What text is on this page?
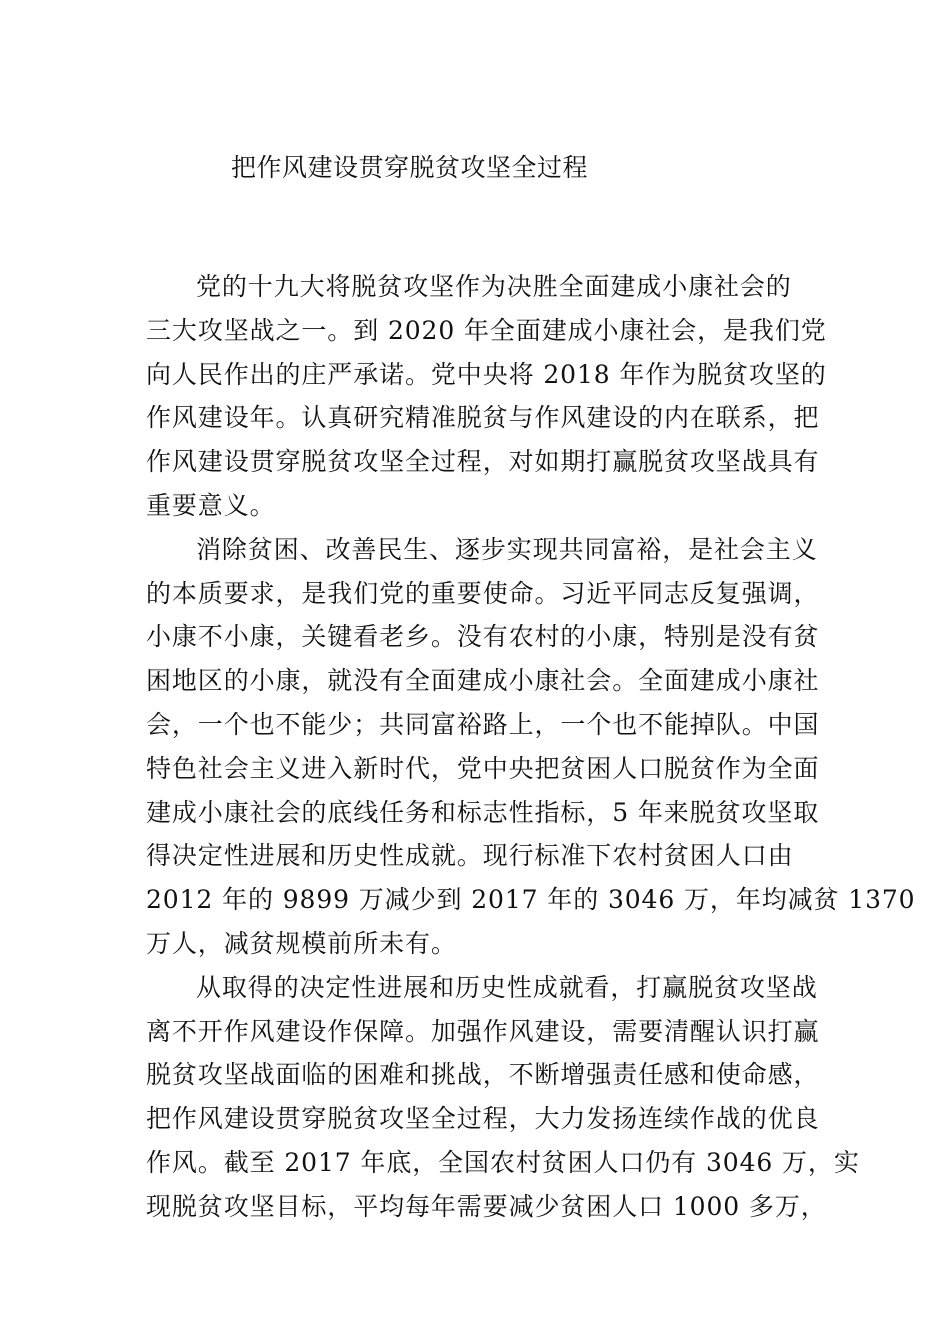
把作风建设贯穿脱贫攻坚全过程
党的十九大将脱贫攻坚作为决胜全面建成小康社会的
三大攻坚战之一。到 2020 年全面建成小康社会，是我们党
向人民作出的庄严承诺。党中央将 2018 年作为脱贫攻坚的
作风建设年。认真研究精准脱贫与作风建设的内在联系，把
作风建设贯穿脱贫攻坚全过程，对如期打赢脱贫攻坚战具有
重要意义。
消除贫困、改善民生、逐步实现共同富裕，是社会主义
的本质要求，是我们党的重要使命。习近平同志反复强调，
小康不小康，关键看老乡。没有农村的小康，特别是没有贫
困地区的小康，就没有全面建成小康社会。全面建成小康社
会，一个也不能少；共同富裕路上，一个也不能掉队。中国
特色社会主义进入新时代，党中央把贫困人口脱贫作为全面
建成小康社会的底线任务和标志性指标，5 年来脱贫攻坚取
得决定性进展和历史性成就。现行标准下农村贫困人口由
2012 年的 9899 万减少到 2017 年的 3046 万，年均减贫 1370
万人，减贫规模前所未有。
从取得的决定性进展和历史性成就看，打赢脱贫攻坚战
离不开作风建设作保障。加强作风建设，需要清醒认识打赢
脱贫攻坚战面临的困难和挑战，不断增强责任感和使命感，
把作风建设贯穿脱贫攻坚全过程，大力发扬连续作战的优良
作风。截至 2017 年底，全国农村贫困人口仍有 3046 万，实
现脱贫攻坚目标，平均每年需要减少贫困人口 1000 多万，
